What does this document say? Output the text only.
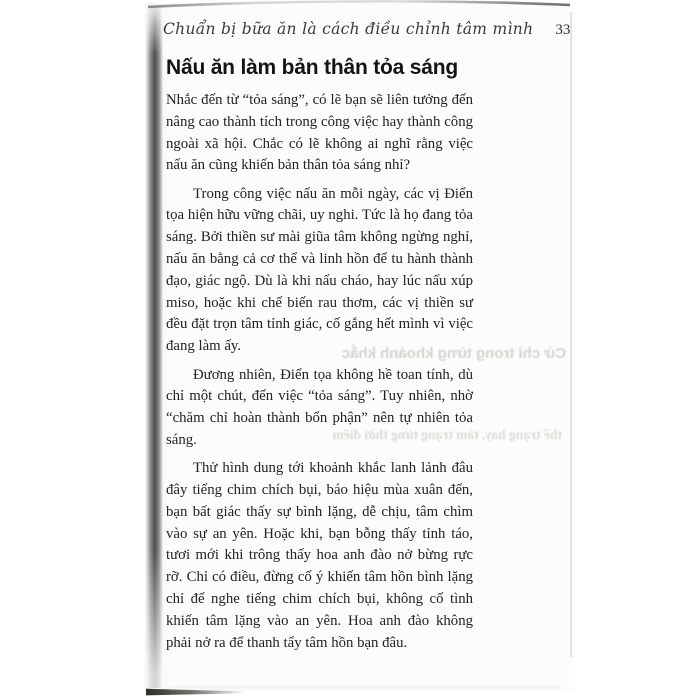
Cử chỉ trong từng khoảnh khắc
thể trạng hay, tâm trạng từng thời điểm
Chuẩn bị bữa ăn là cách điều chỉnh tâm mình 33
Nấu ăn làm bản thân tỏa sáng

Nhắc đến từ “tỏa sáng”, có lẽ bạn sẽ liên tưởng đến nâng cao thành tích trong công việc hay thành công ngoài xã hội. Chắc có lẽ không ai nghĩ rằng việc nấu ăn cũng khiến bản thân tỏa sáng nhỉ?

Trong công việc nấu ăn mỗi ngày, các vị Điển tọa hiện hữu vững chãi, uy nghi. Tức là họ đang tỏa sáng. Bởi thiền sư mài giũa tâm không ngừng nghỉ, nấu ăn bằng cả cơ thể và linh hồn để tu hành thành đạo, giác ngộ. Dù là khi nấu cháo, hay lúc nấu xúp miso, hoặc khi chế biến rau thơm, các vị thiền sư đều đặt trọn tâm tỉnh giác, cố gắng hết mình vì việc đang làm ấy.

Đương nhiên, Điển tọa không hề toan tính, dù chỉ một chút, đến việc “tỏa sáng”. Tuy nhiên, nhờ “chăm chỉ hoàn thành bổn phận” nên tự nhiên tỏa sáng.

Thử hình dung tới khoảnh khắc lanh lảnh đâu đây tiếng chim chích bụi, báo hiệu mùa xuân đến, bạn bất giác thấy sự bình lặng, dễ chịu, tâm chìm vào sự an yên. Hoặc khi, bạn bỗng thấy tỉnh táo, tươi mới khi trông thấy hoa anh đào nở bừng rực rỡ. Chỉ có điều, đừng cố ý khiến tâm hồn bình lặng chỉ để nghe tiếng chim chích bụi, không cố tình khiến tâm lặng vào an yên. Hoa anh đào không phải nở ra để thanh tẩy tâm hồn bạn đâu.
